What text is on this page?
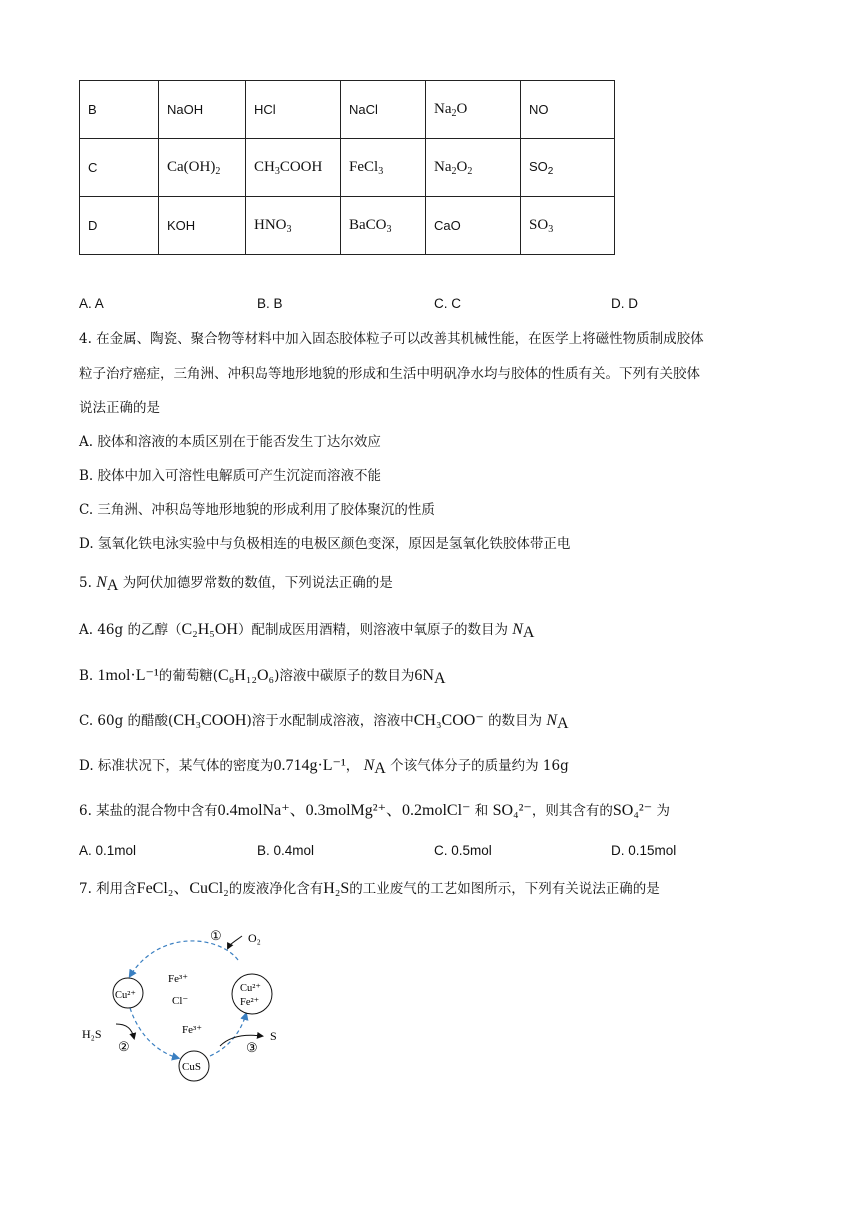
B	NaOH	HCl	NaCl	$Na_2O$	NO
C	$Ca(OH)_2$	$CH_3COOH$	FeCl$_3$	$Na_2O_2$	$SO_2$
D	KOH	$HNO_3$	BaCO$_3$	CaO	$SO_3$
A. A	B. B	C. C	D. D
4. 在金属、陶瓷、聚合物等材料中加入固态胶体粒子可以改善其机械性能，在医学上将磁性物质制成胶体
粒子治疗癌症，三角洲、冲积岛等地形地貌的形成和生活中明矾净水均与胶体的性质有关。下列有关胶体
说法正确的是
A. 胶体和溶液的本质区别在于能否发生丁达尔效应
B. 胶体中加入可溶性电解质可产生沉淀而溶液不能
C. 三角洲、冲积岛等地形地貌的形成利用了胶体聚沉的性质
D. 氢氧化铁电泳实验中与负极相连的电极区颜色变深，原因是氢氧化铁胶体带正电
5. $N_A$ 为阿伏加德罗常数的数值，下列说法正确的是
A. 46g 的乙醇（C₂H₅OH）配制成医用酒精，则溶液中氧原子的数目为 $N_A$
B. 1mol·L⁻¹的葡萄糖(C₆H₁₂O₆)溶液中碳原子的数目为$6N_A$
C. 60g 的醋酸(CH₃COOH)溶于水配制成溶液，溶液中CH₃COO⁻ 的数目为 $N_A$
D. 标准状况下，某气体的密度为0.714g·L⁻¹， $N_A$ 个该气体分子的质量约为 16g
6. 某盐的混合物中含有0.4molNa⁺、0.3molMg²⁺、0.2molCl⁻ 和 SO₄²⁻，则其含有的SO₄²⁻ 为
A. 0.1mol	B. 0.4mol	C. 0.5mol	D. 0.15mol
7. 利用含FeCl₂、CuCl₂的废液净化含有H₂S的工业废气的工艺如图所示，下列有关说法正确的是
O₂
①
Fe³⁺
Cl⁻
Cu²⁺
Cu²⁺
Fe²⁺
H₂S
②
Fe³⁺
CuS
③
S
